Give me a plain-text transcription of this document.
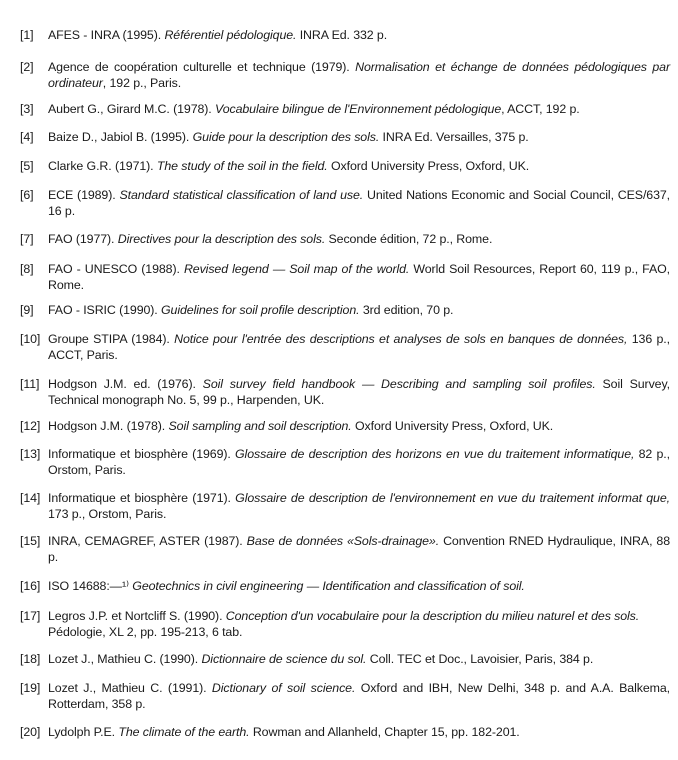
[1]	AFES - INRA (1995). Référentiel pédologique. INRA Ed. 332 p.
[2]	Agence de coopération culturelle et technique (1979). Normalisation et échange de données pédologiques par ordinateur, 192 p., Paris.
[3]	Aubert G., Girard M.C. (1978). Vocabulaire bilingue de l'Environnement pédologique, ACCT, 192 p.
[4]	Baize D., Jabiol B. (1995). Guide pour la description des sols. INRA Ed. Versailles, 375 p.
[5]	Clarke G.R. (1971). The study of the soil in the field. Oxford University Press, Oxford, UK.
[6]	ECE (1989). Standard statistical classification of land use. United Nations Economic and Social Council, CES/637, 16 p.
[7]	FAO (1977). Directives pour la description des sols. Seconde édition, 72 p., Rome.
[8]	FAO - UNESCO (1988). Revised legend — Soil map of the world. World Soil Resources, Report 60, 119 p., FAO, Rome.
[9]	FAO - ISRIC (1990). Guidelines for soil profile description. 3rd edition, 70 p.
[10] Groupe STIPA (1984). Notice pour l'entrée des descriptions et analyses de sols en banques de données, 136 p., ACCT, Paris.
[11] Hodgson J.M. ed. (1976). Soil survey field handbook — Describing and sampling soil profiles. Soil Survey, Technical monograph No. 5, 99 p., Harpenden, UK.
[12] Hodgson J.M. (1978). Soil sampling and soil description. Oxford University Press, Oxford, UK.
[13] Informatique et biosphère (1969). Glossaire de description des horizons en vue du traitement informatique, 82 p., Orstom, Paris.
[14] Informatique et biosphère (1971). Glossaire de description de l'environnement en vue du traitement informat que, 173 p., Orstom, Paris.
[15] INRA, CEMAGREF, ASTER (1987). Base de données «Sols-drainage». Convention RNED Hydraulique, INRA, 88 p.
[16] ISO 14688:—¹⁾ Geotechnics in civil engineering — Identification and classification of soil.
[17] Legros J.P. et Nortcliff S. (1990). Conception d'un vocabulaire pour la description du milieu naturel et des sols. Pédologie, XL 2, pp. 195-213, 6 tab.
[18] Lozet J., Mathieu C. (1990). Dictionnaire de science du sol. Coll. TEC et Doc., Lavoisier, Paris, 384 p.
[19] Lozet J., Mathieu C. (1991). Dictionary of soil science. Oxford and IBH, New Delhi, 348 p. and A.A. Balkema, Rotterdam, 358 p.
[20] Lydolph P.E. The climate of the earth. Rowman and Allanheld, Chapter 15, pp. 182-201.
